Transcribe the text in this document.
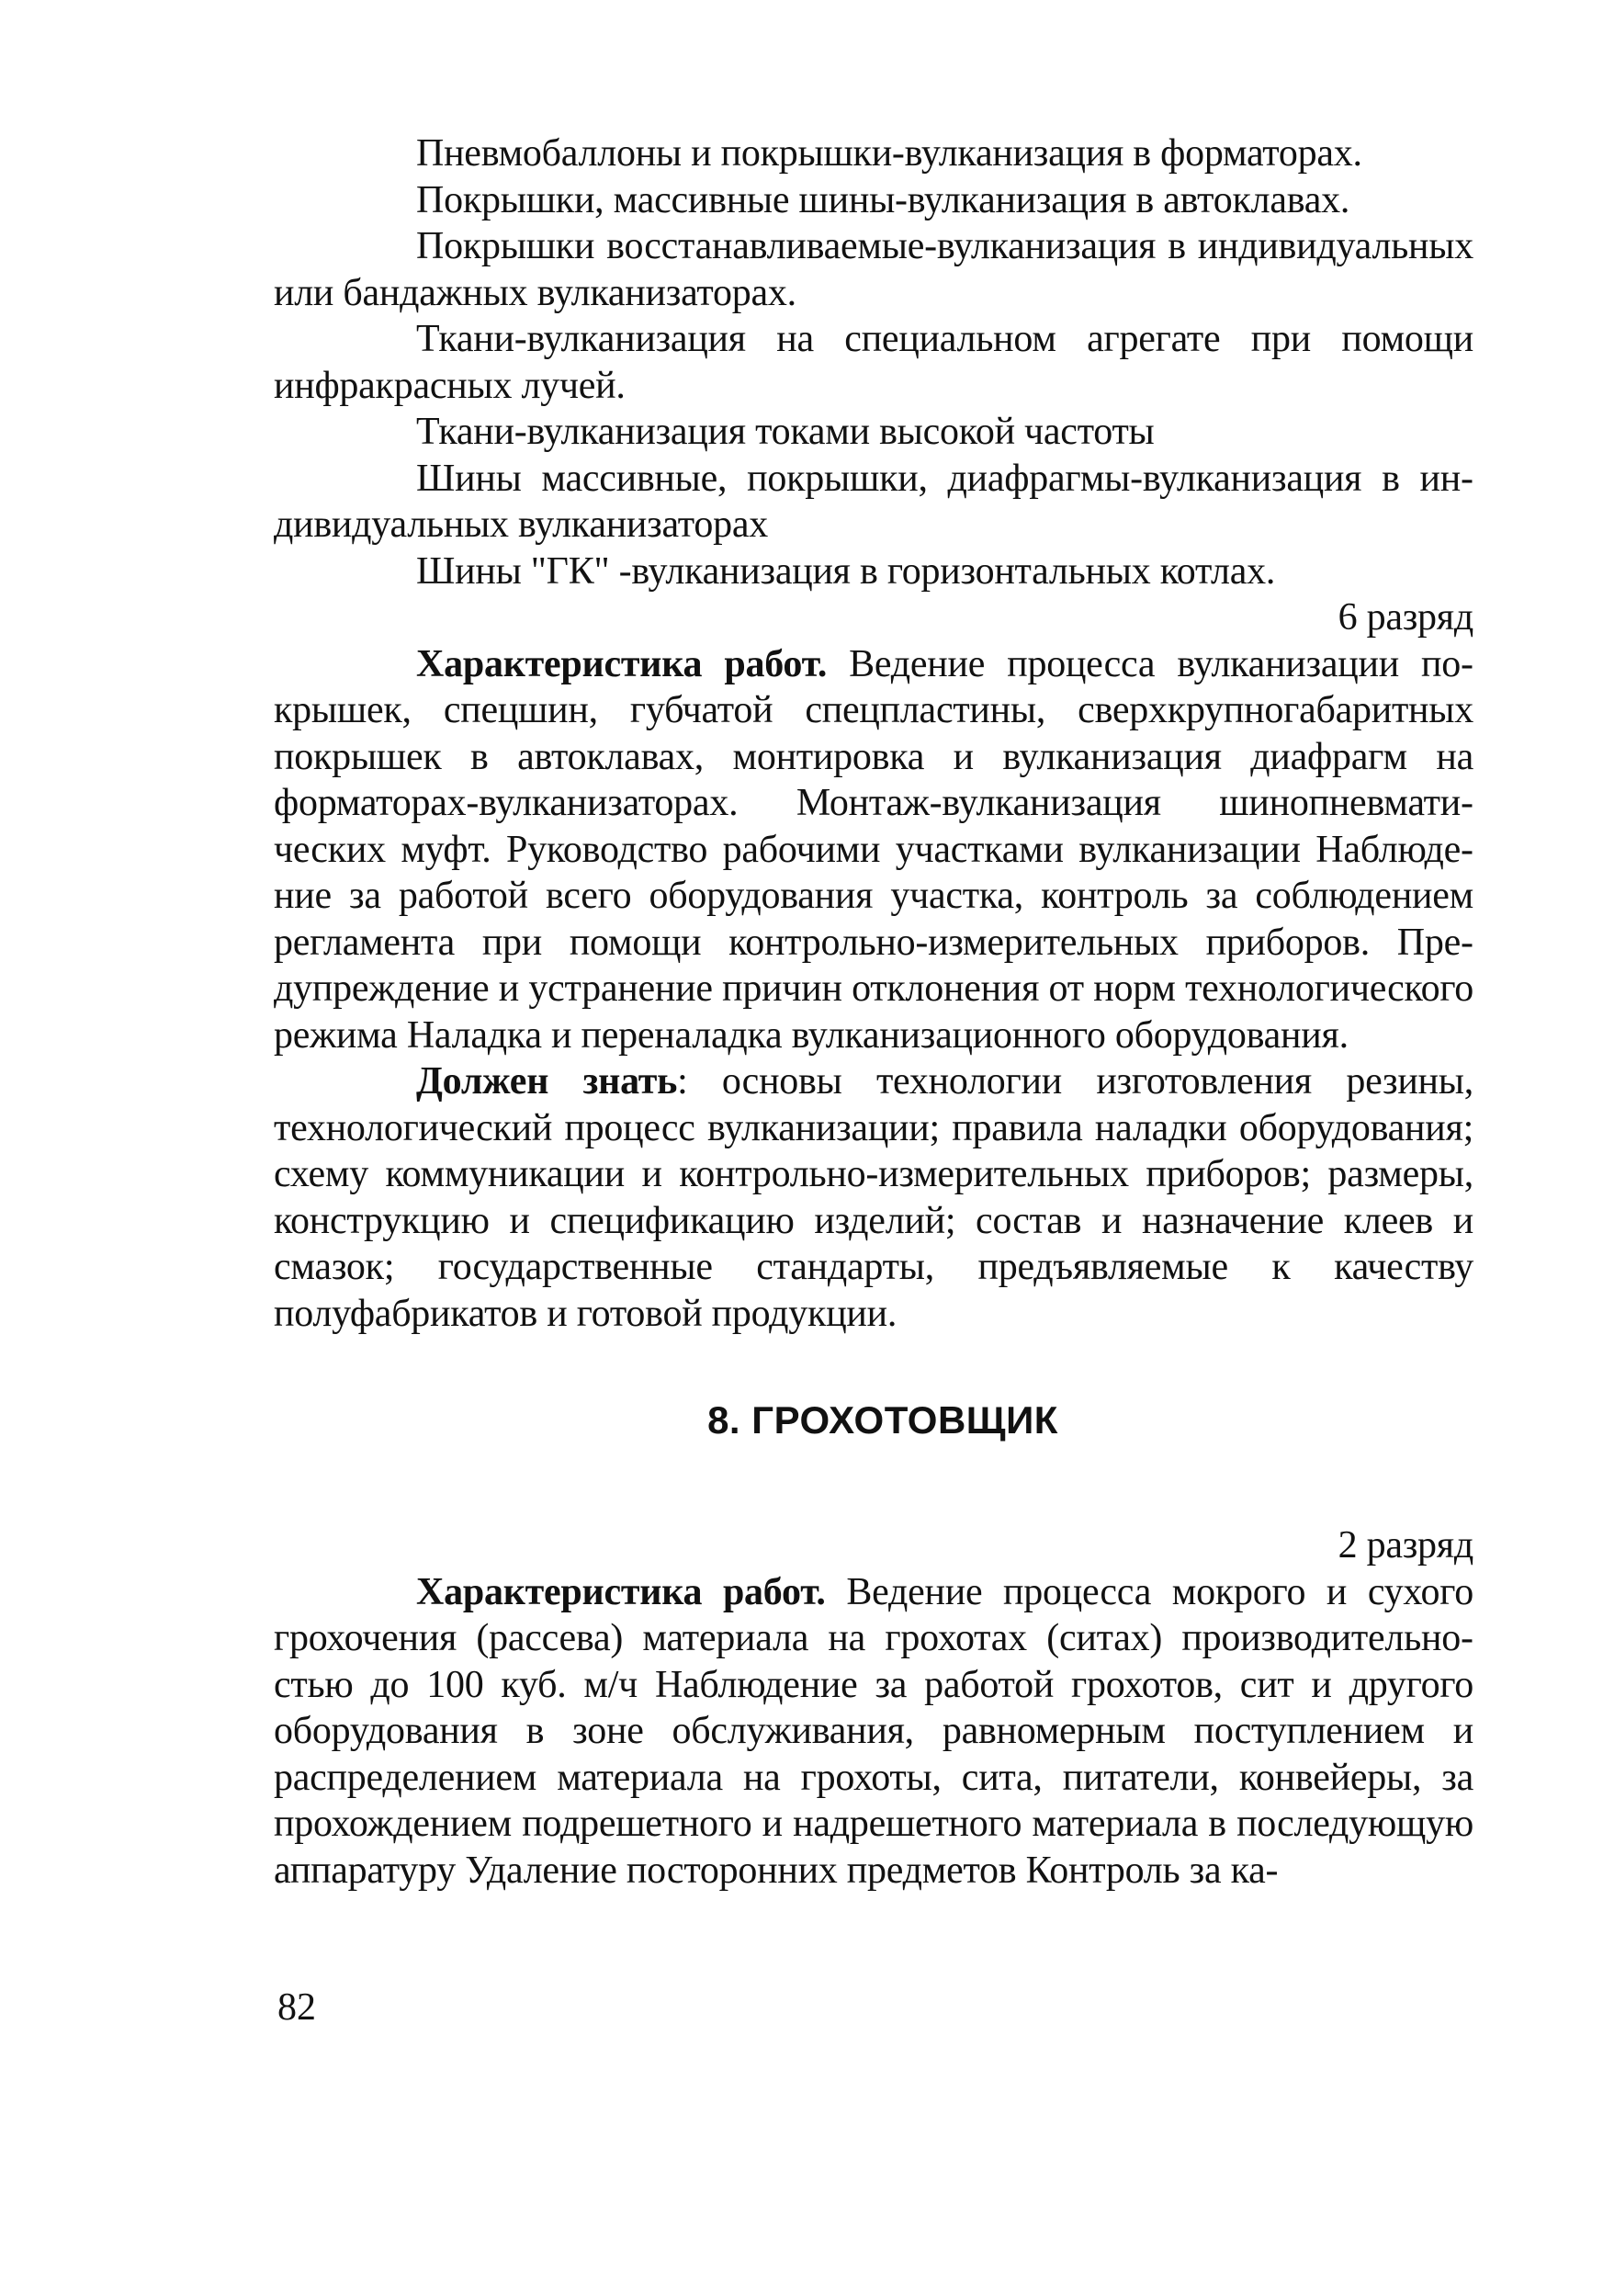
Пневмобаллоны и покрышки-вулканизация в форматорах.

Покрышки, массивные шины-вулканизация в автоклавах.

Покрышки восстанавливаемые-вулканизация в индивидуальных или бандажных вулканизаторах.

Ткани-вулканизация на специальном агрегате при помощи инфракрасных лучей.

Ткани-вулканизация токами высокой частоты

Шины массивные, покрышки, диафрагмы-вулканизация в индивидуальных вулканизаторах

Шины "ГК" -вулканизация в горизонтальных котлах.

6 разряд

Характеристика работ. Ведение процесса вулканизации покрышек, спецшин, губчатой спецпластины, сверхкрупногабаритных покрышек в автоклавах, монтировка и вулканизация диафрагм на форматорах-вулканизаторах. Монтаж-вулканизация шинопневматических муфт. Руководство рабочими участками вулканизации Наблюдение за работой всего оборудования участка, контроль за соблюдением регламента при помощи контрольно-измерительных приборов. Предупреждение и устранение причин отклонения от норм технологического режима Наладка и переналадка вулканизационного оборудования.

Должен знать: основы технологии изготовления резины, технологический процесс вулканизации; правила наладки оборудования; схему коммуникации и контрольно-измерительных приборов; размеры, конструкцию и спецификацию изделий; состав и назначение клеев и смазок; государственные стандарты, предъявляемые к качеству полуфабрикатов и готовой продукции.

8. ГРОХОТОВЩИК

2 разряд

Характеристика работ. Ведение процесса мокрого и сухого грохочения (рассева) материала на грохотах (ситах) производительностью до 100 куб. м/ч Наблюдение за работой грохотов, сит и другого оборудования в зоне обслуживания, равномерным поступлением и распределением материала на грохоты, сита, питатели, конвейеры, за прохождением подрешетного и надрешетного материала в последующую аппаратуру Удаление посторонних предметов Контроль за ка-

82
